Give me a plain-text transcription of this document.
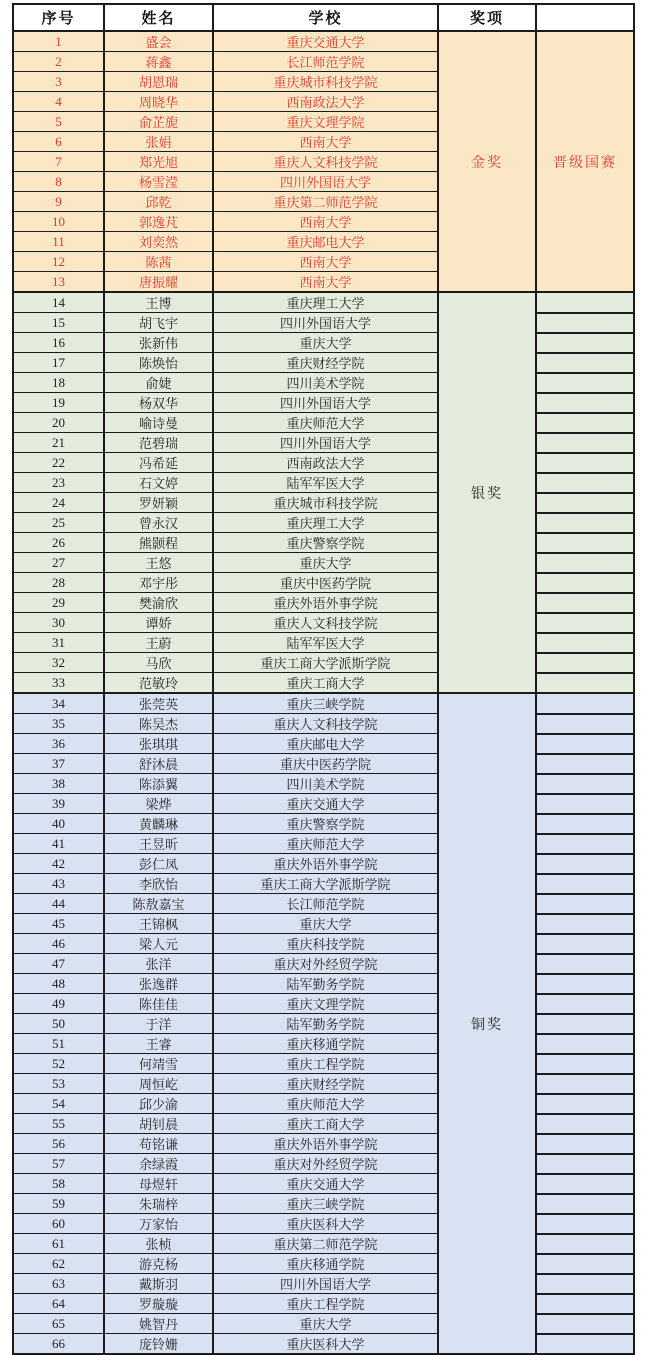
序号	姓名	学校	奖项	
1	盛会	重庆交通大学	金奖	晋级国赛
2	蒋鑫	长江师范学院		
3	胡恩瑞	重庆城市科技学院		
4	周晓华	西南政法大学		
5	俞芷旎	重庆文理学院		
6	张娟	西南大学		
7	郑光旭	重庆人文科技学院		
8	杨雪滢	四川外国语大学		
9	邱乾	重庆第二师范学院		
10	郭逸芃	西南大学		
11	刘奕然	重庆邮电大学		
12	陈茜	西南大学		
13	唐振耀	西南大学		
14	王博	重庆理工大学	银奖	
15	胡飞宇	四川外国语大学		
16	张新伟	重庆大学		
17	陈焕怡	重庆财经学院		
18	俞婕	四川美术学院		
19	杨双华	四川外国语大学		
20	喻诗曼	重庆师范大学		
21	范碧瑞	四川外国语大学		
22	冯希延	西南政法大学		
23	石文婷	陆军军医大学		
24	罗妍颖	重庆城市科技学院		
25	曾永汉	重庆理工大学		
26	熊颢程	重庆警察学院		
27	王悠	重庆大学		
28	邓宇彤	重庆中医药学院		
29	樊渝欣	重庆外语外事学院		
30	谭娇	重庆人文科技学院		
31	王蔚	陆军军医大学		
32	马欣	重庆工商大学派斯学院		
33	范敏玲	重庆工商大学		
34	张莞英	重庆三峡学院	铜奖	
35	陈吴杰	重庆人文科技学院		
36	张琪琪	重庆邮电大学		
37	舒沐晨	重庆中医药学院		
38	陈添翼	四川美术学院		
39	梁烨	重庆交通大学		
40	黄麟琳	重庆警察学院		
41	王昱昕	重庆师范大学		
42	彭仁凤	重庆外语外事学院		
43	李欣怡	重庆工商大学派斯学院		
44	陈敖嘉宝	长江师范学院		
45	王锦枫	重庆大学		
46	梁人元	重庆科技学院		
47	张洋	重庆对外经贸学院		
48	张逸群	陆军勤务学院		
49	陈佳佳	重庆文理学院		
50	于洋	陆军勤务学院		
51	王睿	重庆移通学院		
52	何靖雪	重庆工程学院		
53	周恒屹	重庆财经学院		
54	邱少渝	重庆师范大学		
55	胡钊晨	重庆工商大学		
56	苟铭谦	重庆外语外事学院		
57	余绿霞	重庆对外经贸学院		
58	母煜轩	重庆交通大学		
59	朱瑞梓	重庆三峡学院		
60	万家怡	重庆医科大学		
61	张桢	重庆第二师范学院		
62	游克杨	重庆移通学院		
63	戴斯羽	四川外国语大学		
64	罗璇璇	重庆工程学院		
65	姚智丹	重庆大学		
66	庞铃姗	重庆医科大学		
